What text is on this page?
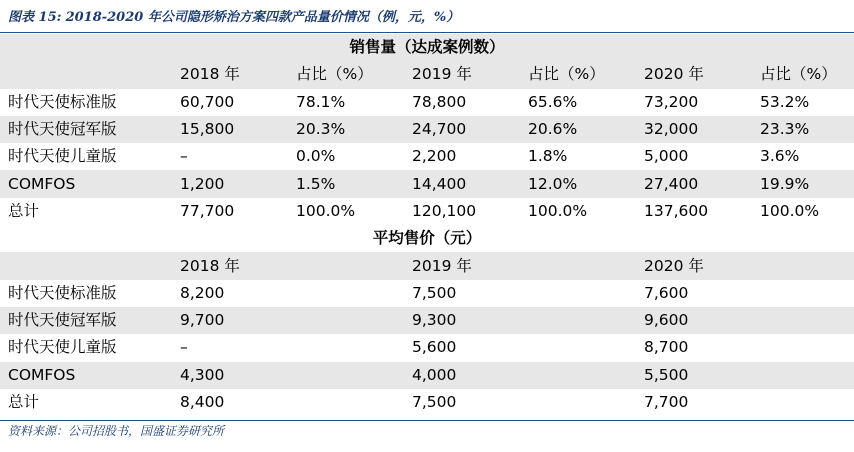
图表 15: 2018-2020 年公司隐形矫治方案四款产品量价情况（例，元，%）
销售量（达成案例数）						
	2018 年	占比（%）	2019 年	占比（%）	2020 年	占比（%）
时代天使标准版	60,700	78.1%	78,800	65.6%	73,200	53.2%
时代天使冠军版	15,800	20.3%	24,700	20.6%	32,000	23.3%
时代天使儿童版	–	0.0%	2,200	1.8%	5,000	3.6%
COMFOS	1,200	1.5%	14,400	12.0%	27,400	19.9%
总计	77,700	100.0%	120,100	100.0%	137,600	100.0%
平均售价（元）						
	2018 年		2019 年		2020 年	
时代天使标准版	8,200		7,500		7,600	
时代天使冠军版	9,700		9,300		9,600	
时代天使儿童版	–		5,600		8,700	
COMFOS	4,300		4,000		5,500	
总计	8,400		7,500		7,700	
资料来源：公司招股书，国盛证券研究所
